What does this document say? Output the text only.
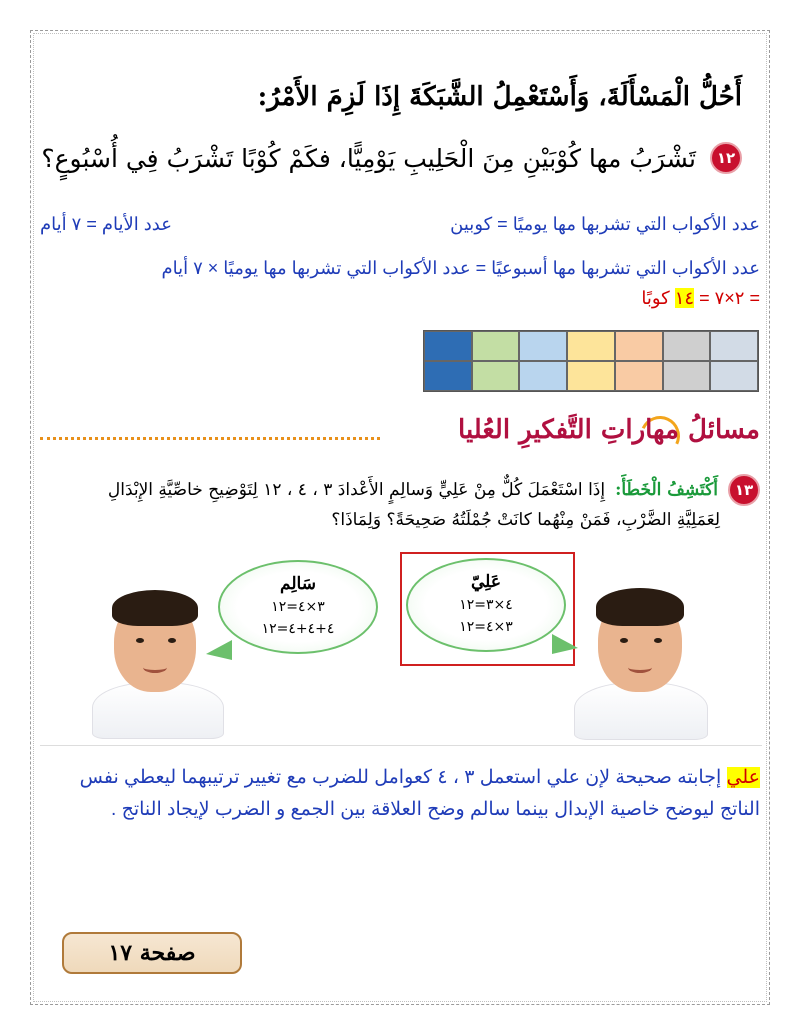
أَحُلُّ الْمَسْأَلَةَ، وَأَسْتَعْمِلُ الشَّبَكَةَ إِذَا لَزِمَ الأَمْرُ:
١٢
تَشْرَبُ مها كُوْبَيْنِ مِنَ الْحَلِيبِ يَوْمِيًّا، فكَمْ كُوْبًا تَشْرَبُ فِي أُسْبُوعٍ؟
عدد الأكواب التي تشربها مها يوميًا = كوبين
عدد الأيام = ٧ أيام
عدد الأكواب التي تشربها مها أسبوعيًا = عدد الأكواب التي تشربها مها يوميًا × ٧ أيام
= ٢×٧ = ١٤ كوبًا
مسائلُ مهاراتِ التَّفكيرِ العُليا
١٣
أَكْتَشِفُ الْخَطَأَ:
إِذَا اسْتَعْمَلَ كُلٌّ مِنْ عَلِيٍّ وَسالِمٍ الأَعْدادَ ٣ ، ٤ ، ١٢ لِتَوْضِيحِ خاصِّيَّةِ الإِبْدَالِ
لِعَمَلِيَّةِ الضَّرْبِ، فَمَنْ مِنْهُما كانَتْ جُمْلَتُهُ صَحِيحَةً؟ وَلِمَاذَا؟
سَالِم
٣×٤=١٢
٤+٤+٤=١٢
عَلِيّ
٤×٣=١٢
٣×٤=١٢
علي إجابته صحيحة لإن علي استعمل ٣ ، ٤ كعوامل للضرب مع تغيير ترتيبهما ليعطي نفس الناتج ليوضح خاصية الإبدال بينما سالم وضح العلاقة بين الجمع و الضرب لإيجاد الناتج .
صفحة ١٧
